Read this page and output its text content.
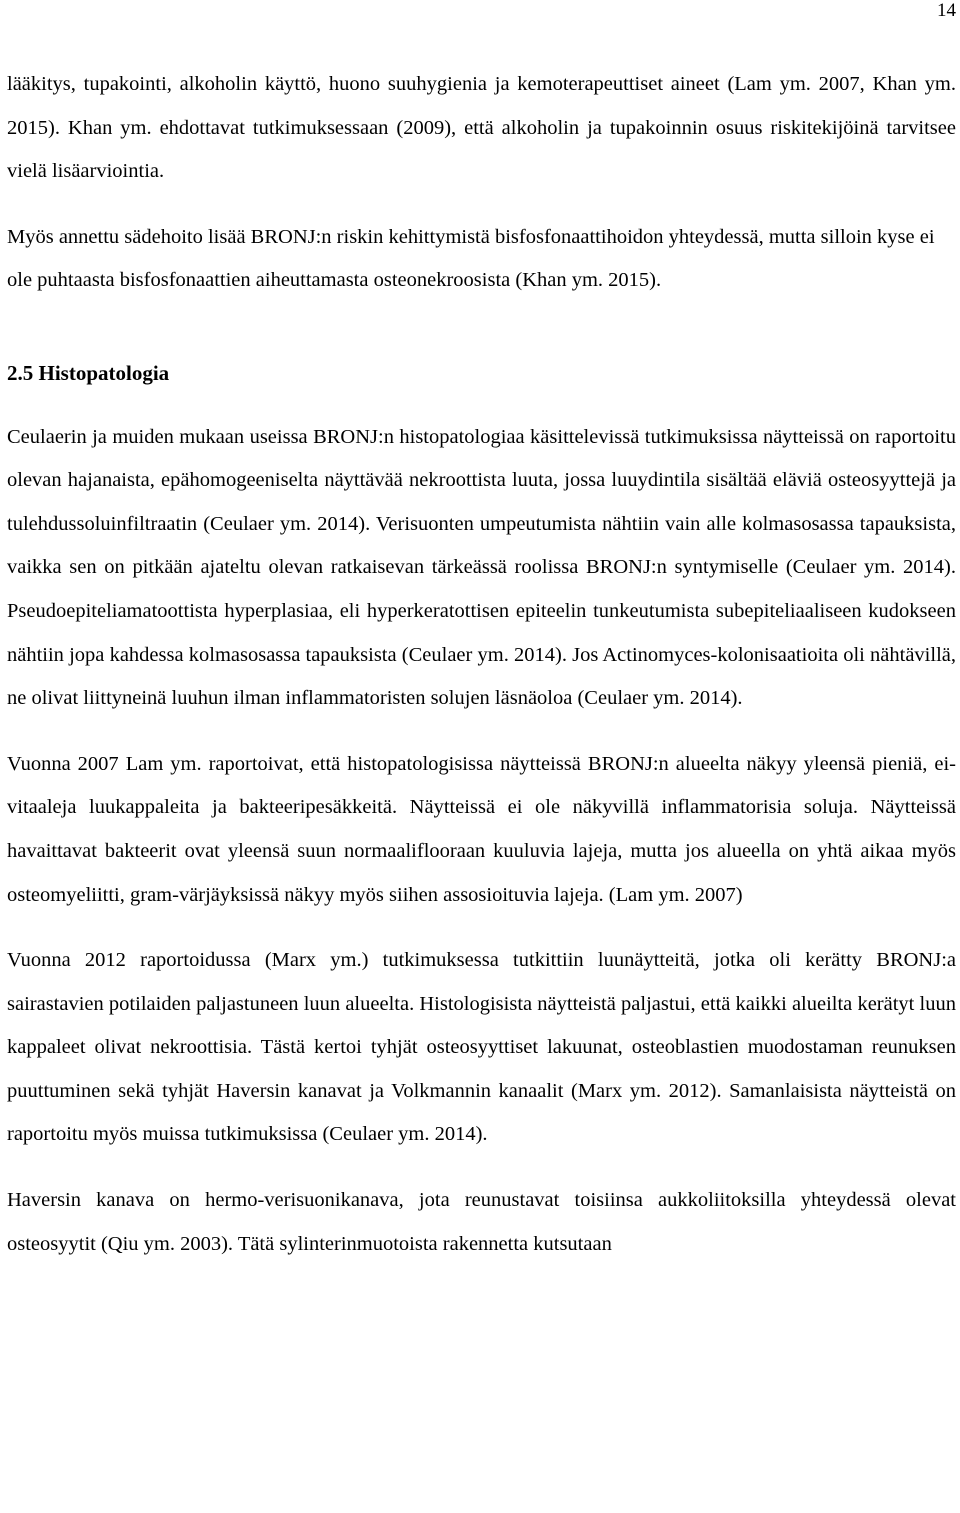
14

lääkitys, tupakointi, alkoholin käyttö, huono suuhygienia ja kemoterapeuttiset aineet (Lam ym. 2007, Khan ym. 2015). Khan ym. ehdottavat tutkimuksessaan (2009), että alkoholin ja tupakoinnin osuus riskitekijöinä tarvitsee vielä lisäarviointia.

Myös annettu sädehoito lisää BRONJ:n riskin kehittymistä bisfosfonaattihoidon yhteydessä, mutta silloin kyse ei ole puhtaasta bisfosfonaattien aiheuttamasta osteonekroosista (Khan ym. 2015).

2.5 Histopatologia

Ceulaerin ja muiden mukaan useissa BRONJ:n histopatologiaa käsittelevissä tutkimuksissa näytteissä on raportoitu olevan hajanaista, epähomogeeniselta näyttävää nekroottista luuta, jossa luuydintila sisältää eläviä osteosyyttejä ja tulehdussoluinfiltraatin (Ceulaer ym. 2014). Verisuonten umpeutumista nähtiin vain alle kolmasosassa tapauksista, vaikka sen on pitkään ajateltu olevan ratkaisevan tärkeässä roolissa BRONJ:n syntymiselle (Ceulaer ym. 2014). Pseudoepiteliamatoottista hyperplasiaa, eli hyperkeratottisen epiteelin tunkeutumista subepiteliaaliseen kudokseen nähtiin jopa kahdessa kolmasosassa tapauksista (Ceulaer ym. 2014). Jos Actinomyces-kolonisaatioita oli nähtävillä, ne olivat liittyneinä luuhun ilman inflammatoristen solujen läsnäoloa (Ceulaer ym. 2014).

Vuonna 2007 Lam ym. raportoivat, että histopatologisissa näytteissä BRONJ:n alueelta näkyy yleensä pieniä, ei-vitaaleja luukappaleita ja bakteeripesäkkeitä. Näytteissä ei ole näkyvillä inflammatorisia soluja. Näytteissä havaittavat bakteerit ovat yleensä suun normaaliflooraan kuuluvia lajeja, mutta jos alueella on yhtä aikaa myös osteomyeliitti, gram-värjäyksissä näkyy myös siihen assosioituvia lajeja. (Lam ym. 2007)

Vuonna 2012 raportoidussa (Marx ym.) tutkimuksessa tutkittiin luunäytteitä, jotka oli kerätty BRONJ:a sairastavien potilaiden paljastuneen luun alueelta. Histologisista näytteistä paljastui, että kaikki alueilta kerätyt luun kappaleet olivat nekroottisia. Tästä kertoi tyhjät osteosyyttiset lakuunat, osteoblastien muodostaman reunuksen puuttuminen sekä tyhjät Haversin kanavat ja Volkmannin kanaalit (Marx ym. 2012). Samanlaisista näytteistä on raportoitu myös muissa tutkimuksissa (Ceulaer ym. 2014).

Haversin kanava on hermo-verisuonikanava, jota reunustavat toisiinsa aukkoliitoksilla yhteydessä olevat osteosyytit (Qiu ym. 2003). Tätä sylinterinmuotoista rakennetta kutsutaan
